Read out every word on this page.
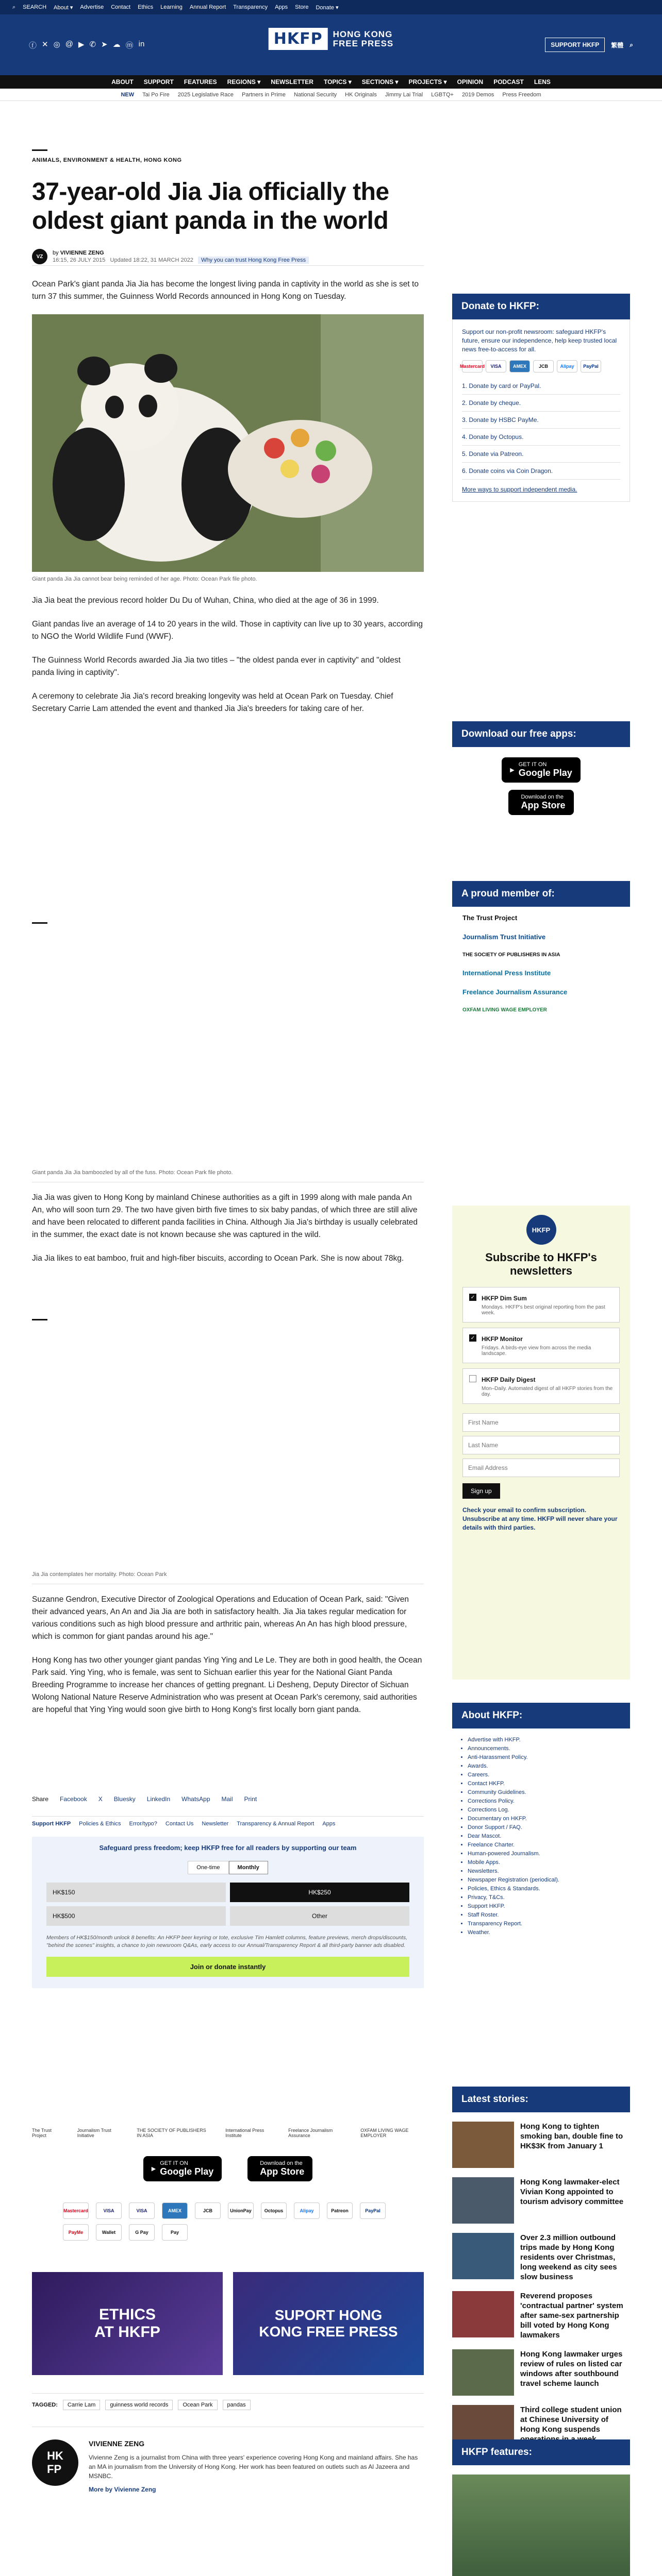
⌕ SEARCH About ▾ Advertise Contact Ethics Learning Annual Report Transparency Apps Store Donate ▾
ⓕ ✕ ◎ @ ▶ ✆ ➤ ☁ ⓜ in	HKFP	HONG KONG
FREE PRESS	SUPPORT HKFP	繁體 ⌕
ABOUT SUPPORT FEATURES REGIONS ▾ NEWSLETTER TOPICS ▾ SECTIONS ▾ PROJECTS ▾ OPINION PODCAST LENS
NEW Tai Po Fire 2025 Legislative Race Partners in Prime National Security HK Originals Jimmy Lai Trial LGBTQ+ 2019 Demos Press Freedom
ANIMALS, ENVIRONMENT & HEALTH, HONG KONG
37-year-old Jia Jia officially the oldest giant panda in the world
VZ
by VIVIENNE ZENG
16:15, 26 JULY 2015 Updated 18:22, 31 MARCH 2022 Why you can trust Hong Kong Free Press

Ocean Park's giant panda Jia Jia has become the longest living panda in captivity in the world as she is set to turn 37 this summer, the Guinness World Records announced in Hong Kong on Tuesday.

Giant panda Jia Jia cannot bear being reminded of her age. Photo: Ocean Park file photo.

Jia Jia beat the previous record holder Du Du of Wuhan, China, who died at the age of 36 in 1999.

Giant pandas live an average of 14 to 20 years in the wild. Those in captivity can live up to 30 years, according to NGO the World Wildlife Fund (WWF).

The Guinness World Records awarded Jia Jia two titles – "the oldest panda ever in captivity" and "oldest panda living in captivity".

A ceremony to celebrate Jia Jia's record breaking longevity was held at Ocean Park on Tuesday. Chief Secretary Carrie Lam attended the event and thanked Jia Jia's breeders for taking care of her.

Giant panda Jia Jia bamboozled by all of the fuss. Photo: Ocean Park file photo.

Jia Jia was given to Hong Kong by mainland Chinese authorities as a gift in 1999 along with male panda An An, who will soon turn 29. The two have given birth five times to six baby pandas, of which three are still alive and have been relocated to different panda facilities in China. Although Jia Jia's birthday is usually celebrated in the summer, the exact date is not known because she was captured in the wild.

Jia Jia likes to eat bamboo, fruit and high-fiber biscuits, according to Ocean Park. She is now about 78kg.

Jia Jia contemplates her mortality. Photo: Ocean Park

Suzanne Gendron, Executive Director of Zoological Operations and Education of Ocean Park, said: "Given their advanced years, An An and Jia Jia are both in satisfactory health. Jia Jia takes regular medication for various conditions such as high blood pressure and arthritic pain, whereas An An has high blood pressure, which is common for giant pandas around his age."

Hong Kong has two other younger giant pandas Ying Ying and Le Le. They are both in good health, the Ocean Park said. Ying Ying, who is female, was sent to Sichuan earlier this year for the National Giant Panda Breeding Programme to increase her chances of getting pregnant. Li Desheng, Deputy Director of Sichuan Wolong National Nature Reserve Administration who was present at Ocean Park's ceremony, said authorities are hopeful that Ying Ying would soon give birth to Hong Kong's first locally born giant panda.

Share Facebook X Bluesky LinkedIn WhatsApp Mail Print
Support HKFP Policies & Ethics Error/typo? Contact Us Newsletter Transparency & Annual Report Apps
Safeguard press freedom; keep HKFP free for all readers by supporting our team
One-time	Monthly
HK$150	HK$250
HK$500	Other
Members of HK$150/month unlock 8 benefits: An HKFP beer keyring or tote, exclusive Tim Hamlett columns, feature previews, merch drops/discounts, "behind the scenes" insights, a chance to join newsroom Q&As, early access to our Annual/Transparency Report & all third-party banner ads disabled.
Join or donate instantly
The Trust Project
Journalism Trust Initiative
THE SOCIETY OF PUBLISHERS IN ASIA
International Press Institute
Freelance Journalism Assurance
OXFAM LIVING WAGE EMPLOYER
▶
GET IT ON
Google Play
Download on the
App Store
Mastercard	VISA	VISA	AMEX	JCB	UnionPay	Octopus	Alipay	Patreon	PayPal
PayMe	Wallet	G Pay	Pay
ETHICS
AT HKFP
SUPORT HONG
KONG FREE PRESS
TAGGED:	Carrie Lam	guinness world records	Ocean Park	pandas
HK
FP
VIVIENNE ZENG
Vivienne Zeng is a journalist from China with three years' experience covering Hong Kong and mainland affairs. She has an MA in journalism from the University of Hong Kong. Her work has been featured on outlets such as Al Jazeera and MSNBC.
More by Vivienne Zeng
Donate to HKFP:
Support our non-profit newsroom: safeguard HKFP's future, ensure our independence, help keep trusted local news free-to-access for all.
Mastercard	VISA	AMEX	JCB	Alipay	PayPal
1. Donate by card or PayPal.
2. Donate by cheque.
3. Donate by HSBC PayMe.
4. Donate by Octopus.
5. Donate via Patreon.
6. Donate coins via Coin Dragon.
More ways to support independent media.
Download our free apps:
▶
GET IT ON
Google Play
Download on the
App Store
A proud member of:
The Trust Project
Journalism Trust Initiative
THE SOCIETY OF PUBLISHERS IN ASIA
International Press Institute
Freelance Journalism Assurance
OXFAM LIVING WAGE EMPLOYER
HKFP
Subscribe to HKFP's newsletters
✓ HKFP Dim Sum
Mondays. HKFP's best original reporting from the past week.
✓ HKFP Monitor
Fridays. A birds-eye view from across the media landscape.
HKFP Daily Digest
Mon–Daily. Automated digest of all HKFP stories from the day.
First Name Last Name Email Address Sign up
Check your email to confirm subscription. Unsubscribe at any time. HKFP will never share your details with third parties.
About HKFP:
• Advertise with HKFP.
• Announcements.
• Anti-Harassment Policy.
• Awards.
• Careers.
• Contact HKFP.
• Community Guidelines.
• Corrections Policy.
• Corrections Log.
• Documentary on HKFP.
• Donor Support / FAQ.
• Dear Mascot.
• Freelance Charter.
• Human-powered Journalism.
• Mobile Apps.
• Newsletters.
• Newspaper Registration (periodical).
• Policies, Ethics & Standards.
• Privacy, T&Cs.
• Support HKFP.
• Staff Roster.
• Transparency Report.
• Weather.
Latest stories:
Hong Kong to tighten smoking ban, double fine to HK$3K from January 1
Hong Kong lawmaker-elect Vivian Kong appointed to tourism advisory committee
Over 2.3 million outbound trips made by Hong Kong residents over Christmas, long weekend as city sees slow business
Reverend proposes 'contractual partner' system after same-sex partnership bill voted by Hong Kong lawmakers
Hong Kong lawmaker urges review of rules on listed car windows after southbound travel scheme launch
Third college student union at Chinese University of Hong Kong suspends
HKFP features:
